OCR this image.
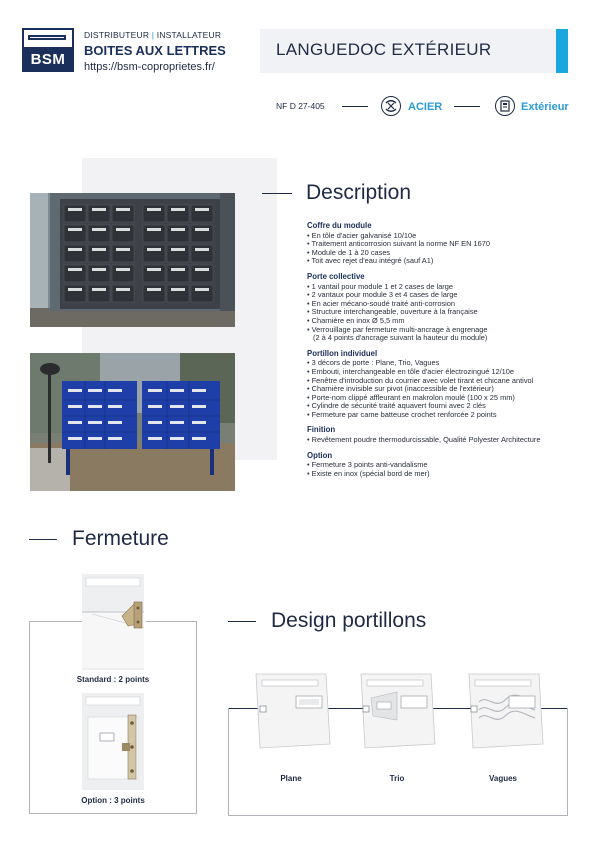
BSM
DISTRIBUTEUR | INSTALLATEUR
BOITES AUX LETTRES
https://bsm-coproprietes.fr/
LANGUEDOC EXTÉRIEUR
NF D 27-405	ACIER	Extérieur
Description
Coffre du module
• En tôle d'acier galvanisé 10/10e
• Traitement anticorrosion suivant la norme NF EN 1670
• Module de 1 à 20 cases
• Toit avec rejet d'eau intégré (sauf A1)
Porte collective
• 1 vantail pour module 1 et 2 cases de large
• 2 vantaux pour module 3 et 4 cases de large
• En acier mécano-soudé traité anti-corrosion
• Structure interchangeable, ouverture à la française
• Charnière en inox Ø 5,5 mm
• Verrouillage par fermeture multi-ancrage à engrenage
(2 à 4 points d'ancrage suivant la hauteur du module)
Portillon individuel
• 3 décors de porte : Plane, Trio, Vagues
• Embouti, interchangeable en tôle d'acier électrozingué 12/10e
• Fenêtre d'introduction du courrier avec volet tirant et chicane antivol
• Charnière invisible sur pivot (inaccessible de l'extérieur)
• Porte-nom clippé affleurant en makrolon moulé (100 x 25 mm)
• Cylindre de sécurité traité aquavert fourni avec 2 clés
• Fermeture par came batteuse crochet renforcée 2 points
Finition
• Revêtement poudre thermodurcissable, Qualité Polyester Architecture
Option
• Fermeture 3 points anti-vandalisme
• Existe en inox (spécial bord de mer)
Fermeture
Standard : 2 points
Option : 3 points
Design portillons
Plane	Trio	Vagues
